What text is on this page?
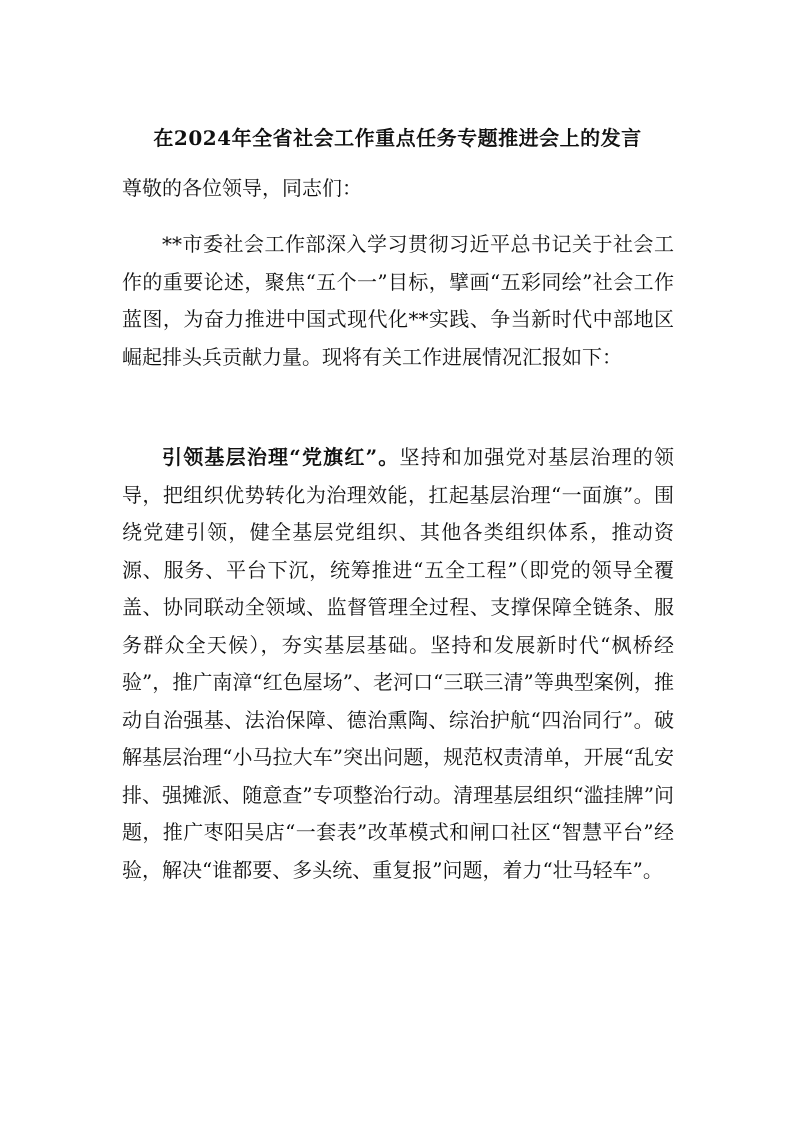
在2024年全省社会工作重点任务专题推进会上的发言
尊敬的各位领导，同志们：

**市委社会工作部深入学习贯彻习近平总书记关于社会工作的重要论述，聚焦“五个一”目标，擘画“五彩同绘”社会工作蓝图，为奋力推进中国式现代化**实践、争当新时代中部地区崛起排头兵贡献力量。现将有关工作进展情况汇报如下：

引领基层治理“党旗红”。坚持和加强党对基层治理的领导，把组织优势转化为治理效能，扛起基层治理“一面旗”。围绕党建引领，健全基层党组织、其他各类组织体系，推动资源、服务、平台下沉，统筹推进“五全工程”（即党的领导全覆盖、协同联动全领域、监督管理全过程、支撑保障全链条、服务群众全天候），夯实基层基础。坚持和发展新时代“枫桥经验”，推广南漳“红色屋场”、老河口“三联三清”等典型案例，推动自治强基、法治保障、德治熏陶、综治护航“四治同行”。破解基层治理“小马拉大车”突出问题，规范权责清单，开展“乱安排、强摊派、随意查”专项整治行动。清理基层组织“滥挂牌”问题，推广枣阳吴店“一套表”改革模式和闸口社区“智慧平台”经验，解决“谁都要、多头统、重复报”问题，着力“壮马轻车”。
